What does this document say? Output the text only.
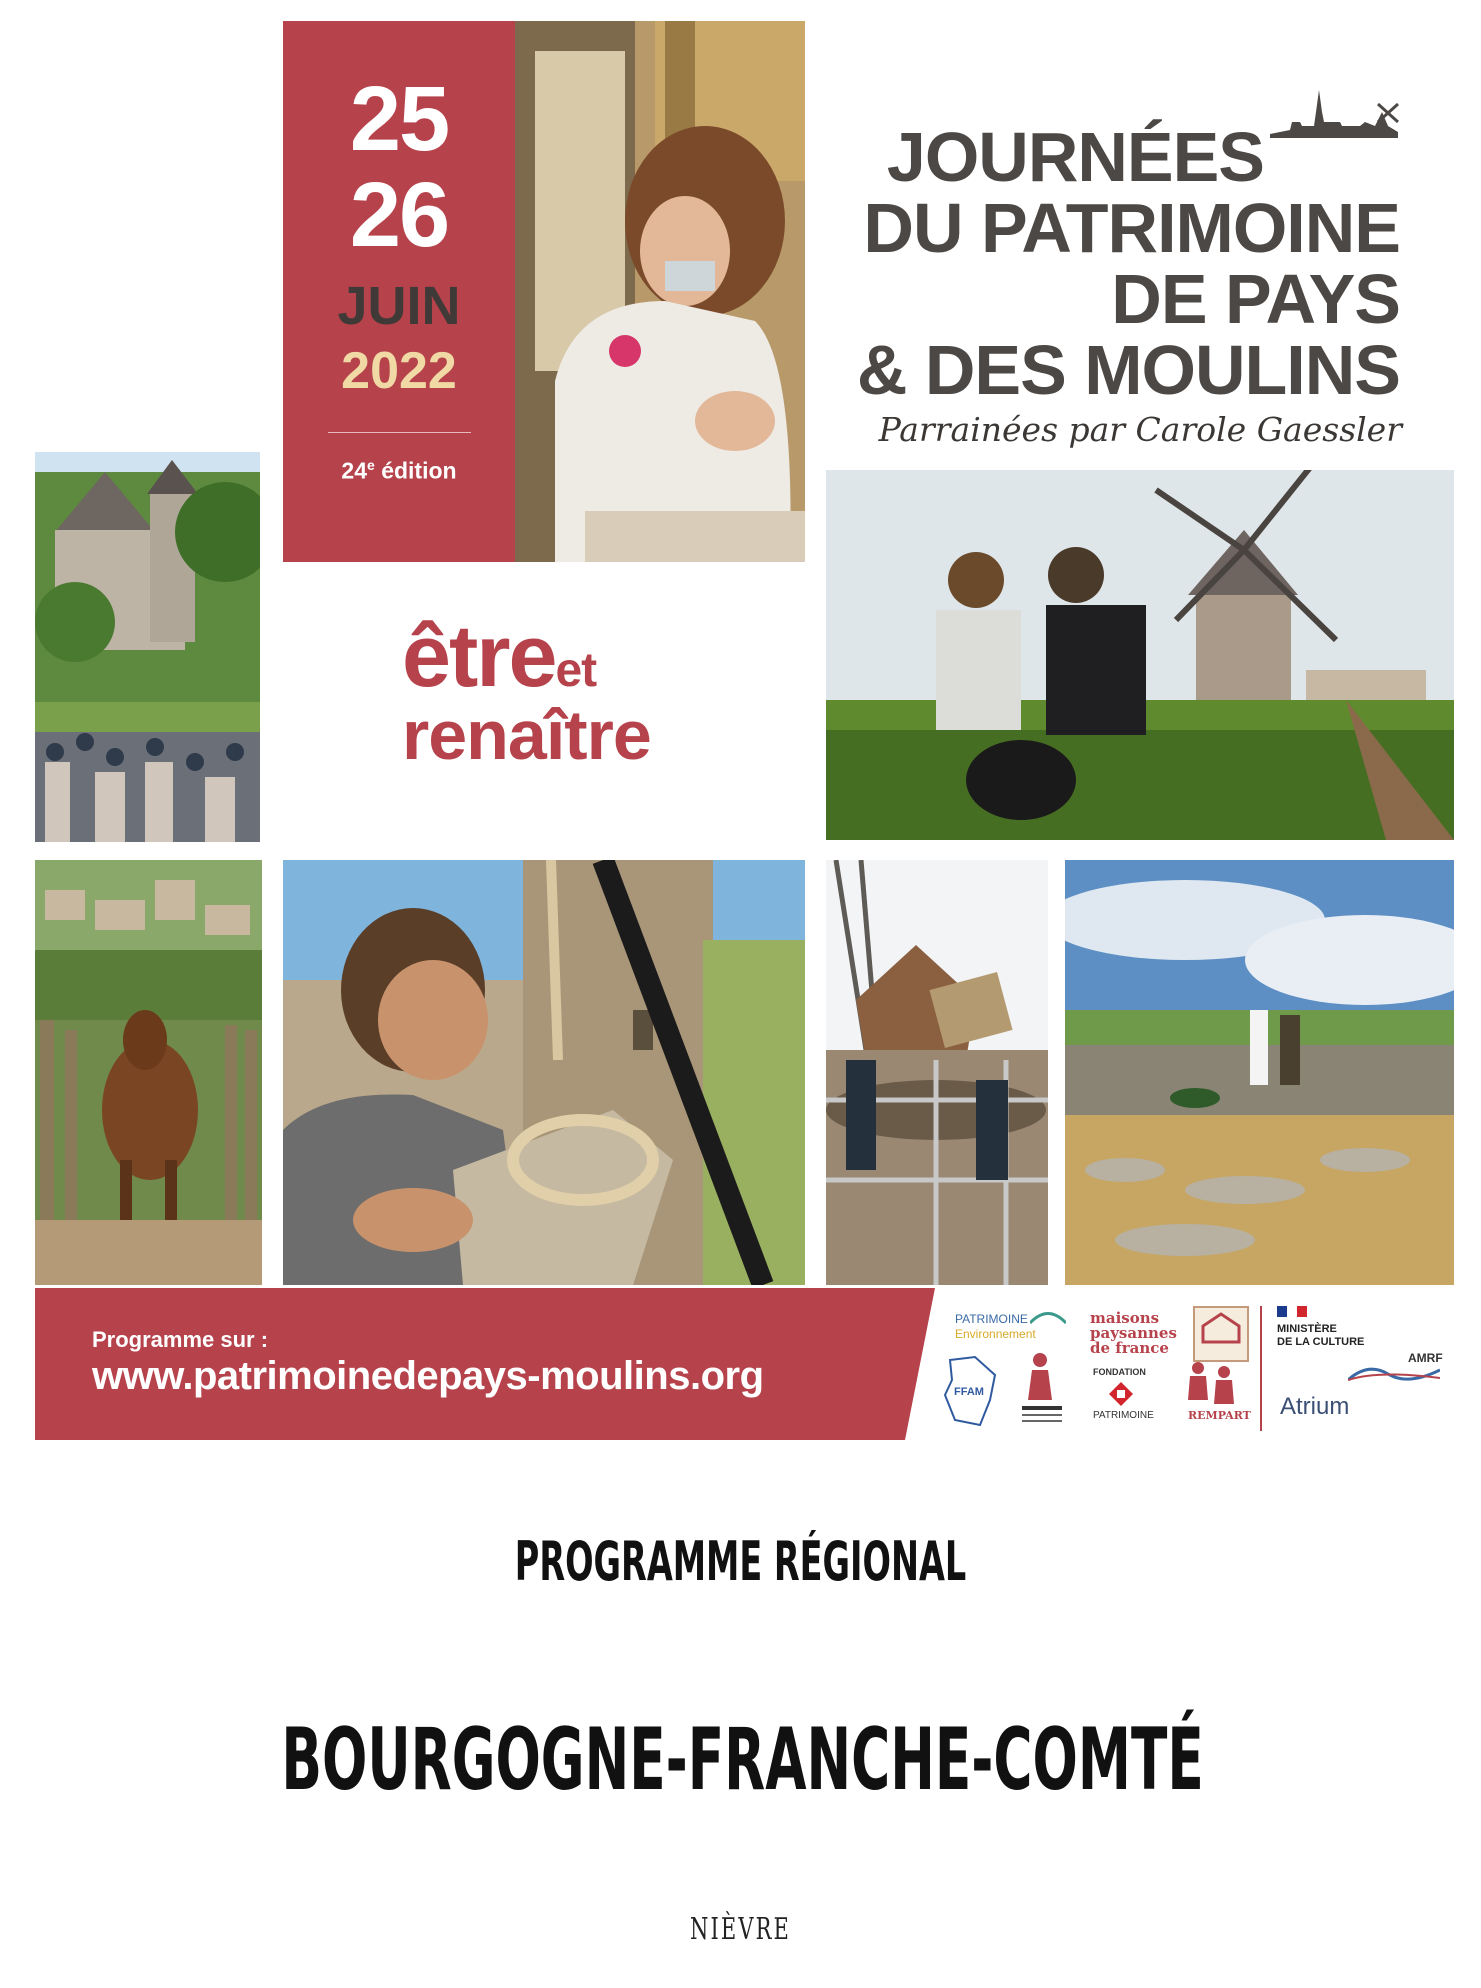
25
26
JUIN
2022
24e édition
JOURNÉES
DU PATRIMOINE
DE PAYS
& DES MOULINS
Parrainées par Carole Gaessler
êtreet
renaître
Programme sur :
www.patrimoinedepays-moulins.org
PATRIMOINE
Environnement
FFAM
maisons
paysannes
de france
FONDATION
PATRIMOINE	REMPART
MINISTÈRE
DE LA CULTURE
AMRF
Atrium
PROGRAMME RÉGIONAL
BOURGOGNE-FRANCHE-COMTÉ
NIÈVRE
